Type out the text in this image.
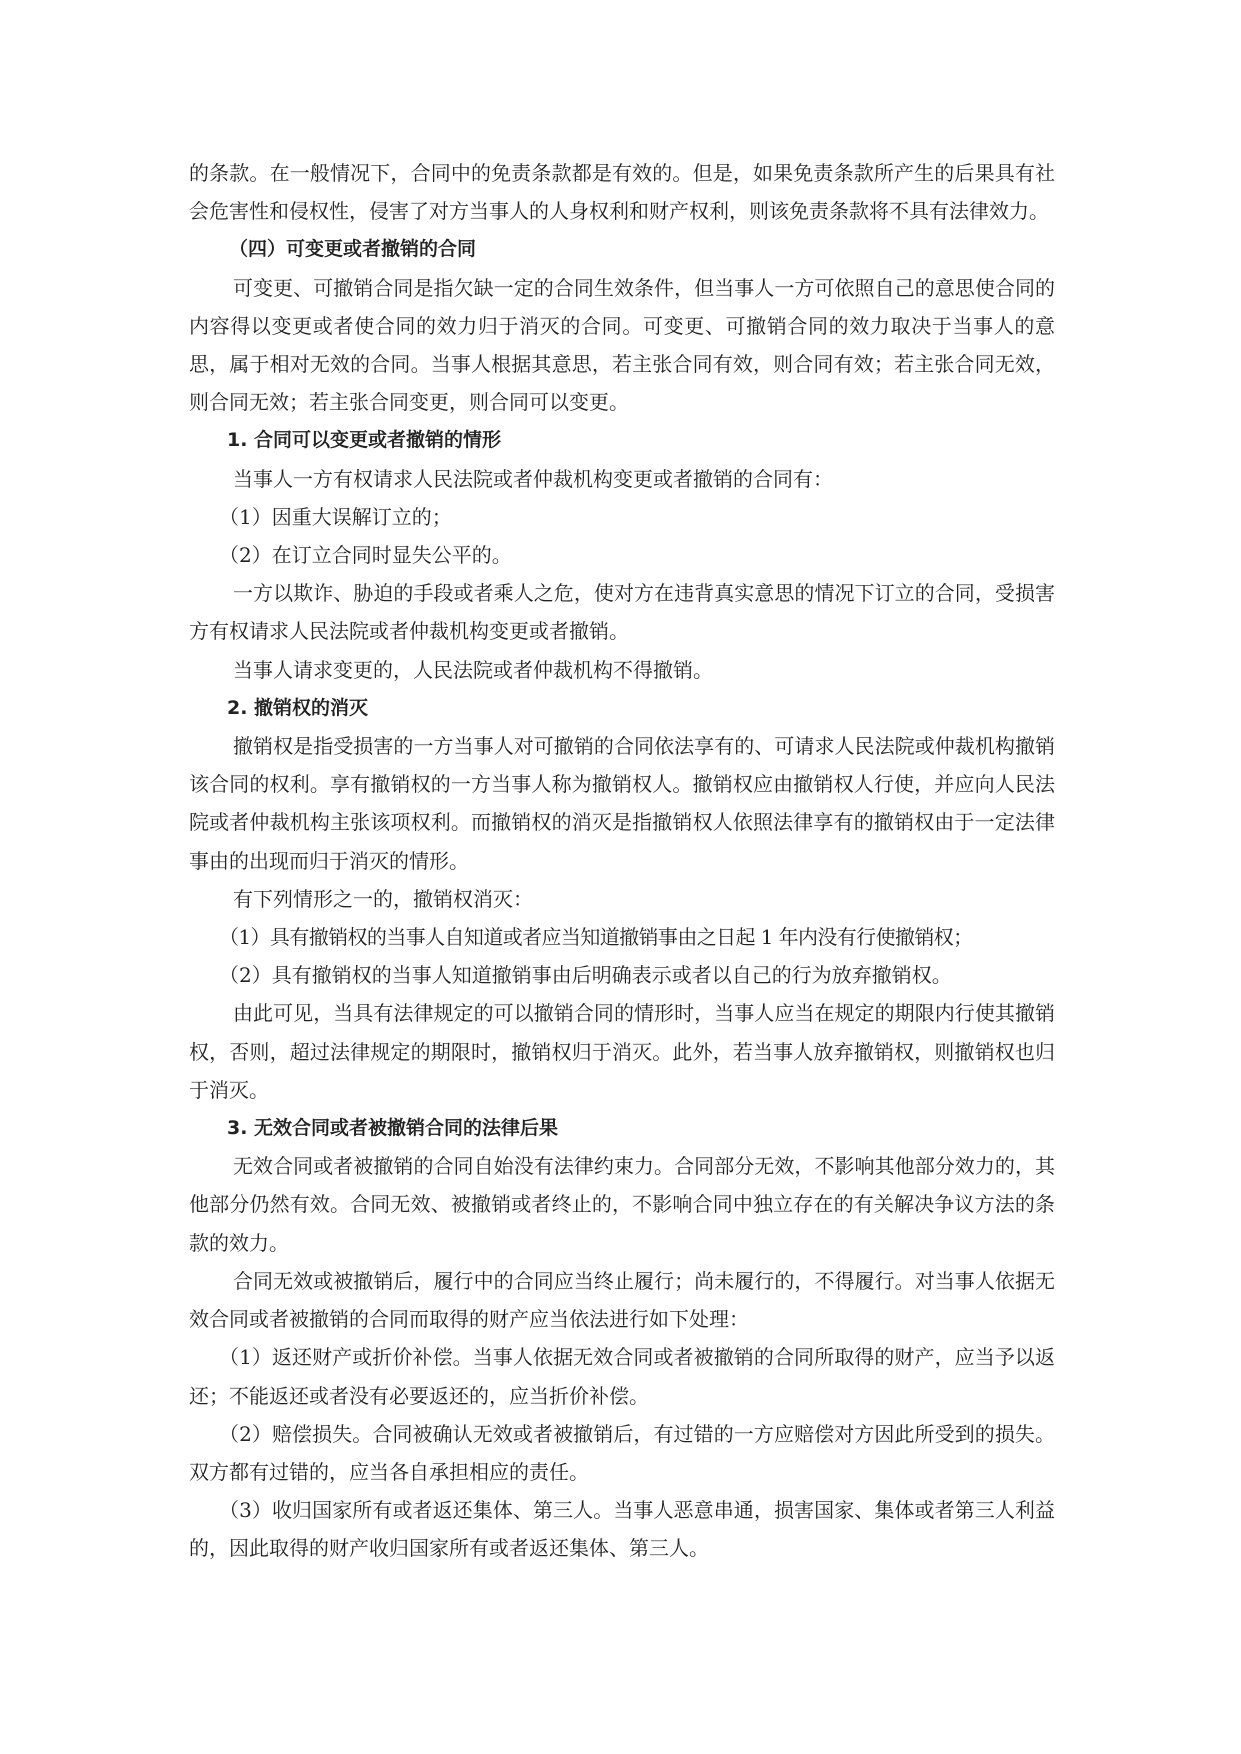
的条款。在一般情况下，合同中的免责条款都是有效的。但是，如果免责条款所产生的后果具有社会危害性和侵权性，侵害了对方当事人的人身权利和财产权利，则该免责条款将不具有法律效力。

（四）可变更或者撤销的合同

可变更、可撤销合同是指欠缺一定的合同生效条件，但当事人一方可依照自己的意思使合同的内容得以变更或者使合同的效力归于消灭的合同。可变更、可撤销合同的效力取决于当事人的意思，属于相对无效的合同。当事人根据其意思，若主张合同有效，则合同有效；若主张合同无效，则合同无效；若主张合同变更，则合同可以变更。

1. 合同可以变更或者撤销的情形

当事人一方有权请求人民法院或者仲裁机构变更或者撤销的合同有：

（1）因重大误解订立的；

（2）在订立合同时显失公平的。

一方以欺诈、胁迫的手段或者乘人之危，使对方在违背真实意思的情况下订立的合同，受损害方有权请求人民法院或者仲裁机构变更或者撤销。

当事人请求变更的，人民法院或者仲裁机构不得撤销。

2. 撤销权的消灭

撤销权是指受损害的一方当事人对可撤销的合同依法享有的、可请求人民法院或仲裁机构撤销该合同的权利。享有撤销权的一方当事人称为撤销权人。撤销权应由撤销权人行使，并应向人民法院或者仲裁机构主张该项权利。而撤销权的消灭是指撤销权人依照法律享有的撤销权由于一定法律事由的出现而归于消灭的情形。

有下列情形之一的，撤销权消灭：

（1）具有撤销权的当事人自知道或者应当知道撤销事由之日起 1 年内没有行使撤销权；

（2）具有撤销权的当事人知道撤销事由后明确表示或者以自己的行为放弃撤销权。

由此可见，当具有法律规定的可以撤销合同的情形时，当事人应当在规定的期限内行使其撤销权，否则，超过法律规定的期限时，撤销权归于消灭。此外，若当事人放弃撤销权，则撤销权也归于消灭。

3. 无效合同或者被撤销合同的法律后果

无效合同或者被撤销的合同自始没有法律约束力。合同部分无效，不影响其他部分效力的，其他部分仍然有效。合同无效、被撤销或者终止的，不影响合同中独立存在的有关解决争议方法的条款的效力。

合同无效或被撤销后，履行中的合同应当终止履行；尚未履行的，不得履行。对当事人依据无效合同或者被撤销的合同而取得的财产应当依法进行如下处理：

（1）返还财产或折价补偿。当事人依据无效合同或者被撤销的合同所取得的财产，应当予以返还；不能返还或者没有必要返还的，应当折价补偿。

（2）赔偿损失。合同被确认无效或者被撤销后，有过错的一方应赔偿对方因此所受到的损失。双方都有过错的，应当各自承担相应的责任。

（3）收归国家所有或者返还集体、第三人。当事人恶意串通，损害国家、集体或者第三人利益的，因此取得的财产收归国家所有或者返还集体、第三人。
